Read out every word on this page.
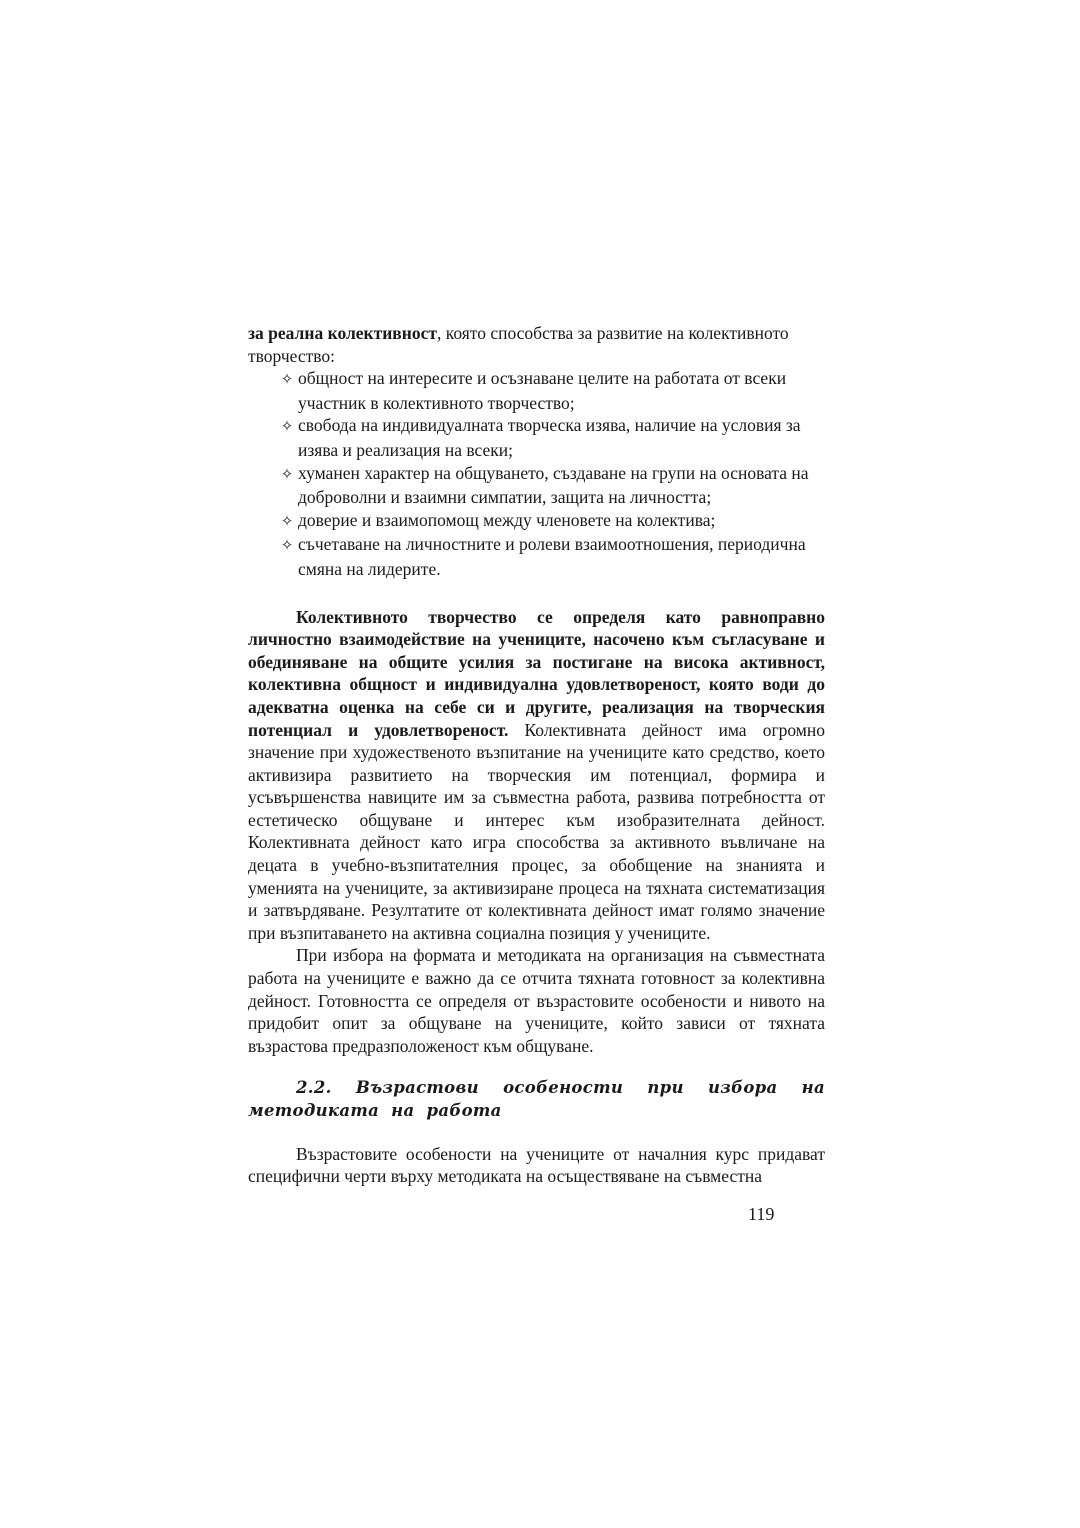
за реална колективност, която способства за развитие на колективното творчество:

✧ общност на интересите и осъзнаване целите на работата от всеки участник в колективното творчество;
✧ свобода на индивидуалната творческа изява, наличие на условия за изява и реализация на всеки;
✧ хуманен характер на общуването, създаване на групи на основата на доброволни и взаимни симпатии, защита на личността;
✧ доверие и взаимопомощ между членовете на колектива;
✧ съчетаване на личностните и ролеви взаимоотношения, периодична смяна на лидерите.

Колективното творчество се определя като равноправно личностно взаимодействие на учениците, насочено към съгласуване и обединяване на общите усилия за постигане на висока активност, колективна общност и индивидуална удовлетвореност, която води до адекватна оценка на себе си и другите, реализация на творческия потенциал и удовлетвореност. Колективната дейност има огромно значение при художественото възпитание на учениците като средство, което активизира развитието на творческия им потенциал, формира и усъвършенства навиците им за съвместна работа, развива потребността от естетическо общуване и интерес към изобразителната дейност. Колективната дейност като игра способства за активното въвличане на децата в учебно-възпитателния процес, за обобщение на знанията и уменията на учениците, за активизиране процеса на тяхната систематизация и затвърдяване. Резултатите от колективната дейност имат голямо значение при възпитаването на активна социална позиция у учениците.

При избора на формата и методиката на организация на съвместната работа на учениците е важно да се отчита тяхната готовност за колективна дейност. Готовността се определя от възрастовите особености и нивото на придобит опит за общуване на учениците, който зависи от тяхната възрастова предразположеност към общуване.

2.2. Възрастови особености при избора на методиката на работа

Възрастовите особености на учениците от началния курс придават специфични черти върху методиката на осъществяване на съвместна

119
